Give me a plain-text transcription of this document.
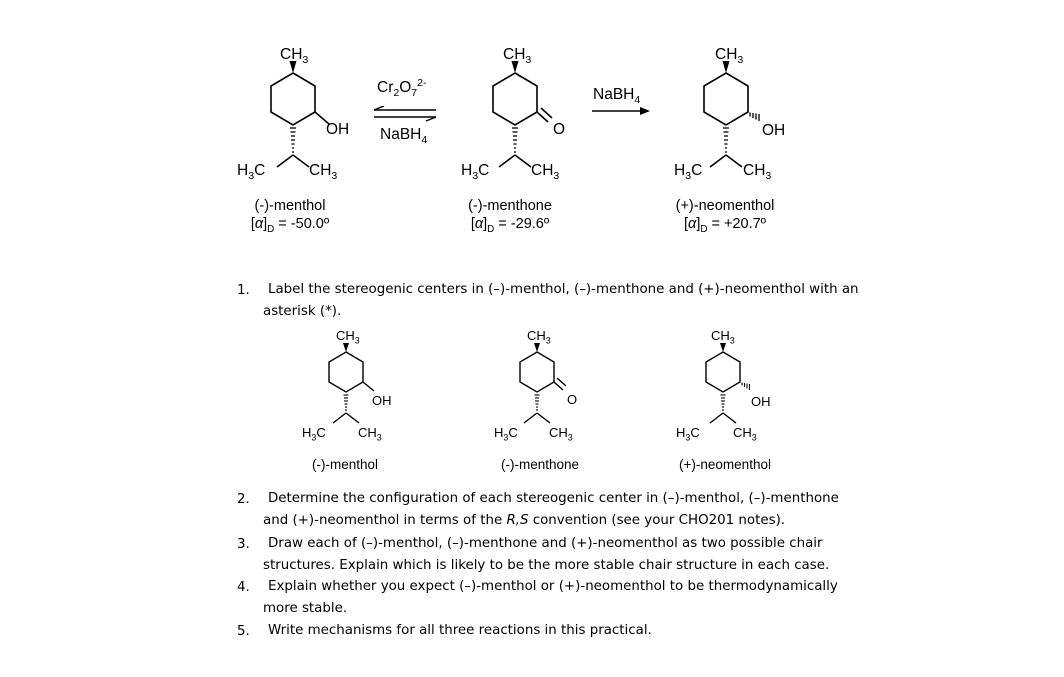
$CH_3$
OH
$H_3C$	$CH_3$
(-)-menthol
$[\alpha]_D$ = -50.0º
$Cr_2O_7^{2-}$
NaBH$_4$
$CH_3$
O
$H_3C$	$CH_3$
(-)-menthone
$[\alpha]_D$ = -29.6º
NaBH$_4$
$CH_3$
OH
$H_3C$	$CH_3$
(+)-neomenthol
$[\alpha]_D$ = +20.7º
1.	Label the stereogenic centers in (–)-menthol, (–)-menthone and (+)-neomenthol with an asterisk (*).
$CH_3$
OH
$H_3C$ $CH_3$
(-)-menthol
$CH_3$
O
$H_3C$ $CH_3$
(-)-menthone
$CH_3$
OH
$H_3C$	$CH_3$
(+)-neomenthol
2.	Determine the configuration of each stereogenic center in (–)-menthol, (–)-menthone and (+)-neomenthol in terms of the R,S convention (see your CHO201 notes).
3.	Draw each of (–)-menthol, (–)-menthone and (+)-neomenthol as two possible chair structures. Explain which is likely to be the more stable chair structure in each case.
4.	Explain whether you expect (–)-menthol or (+)-neomenthol to be thermodynamically more stable.
5.	Write mechanisms for all three reactions in this practical.
